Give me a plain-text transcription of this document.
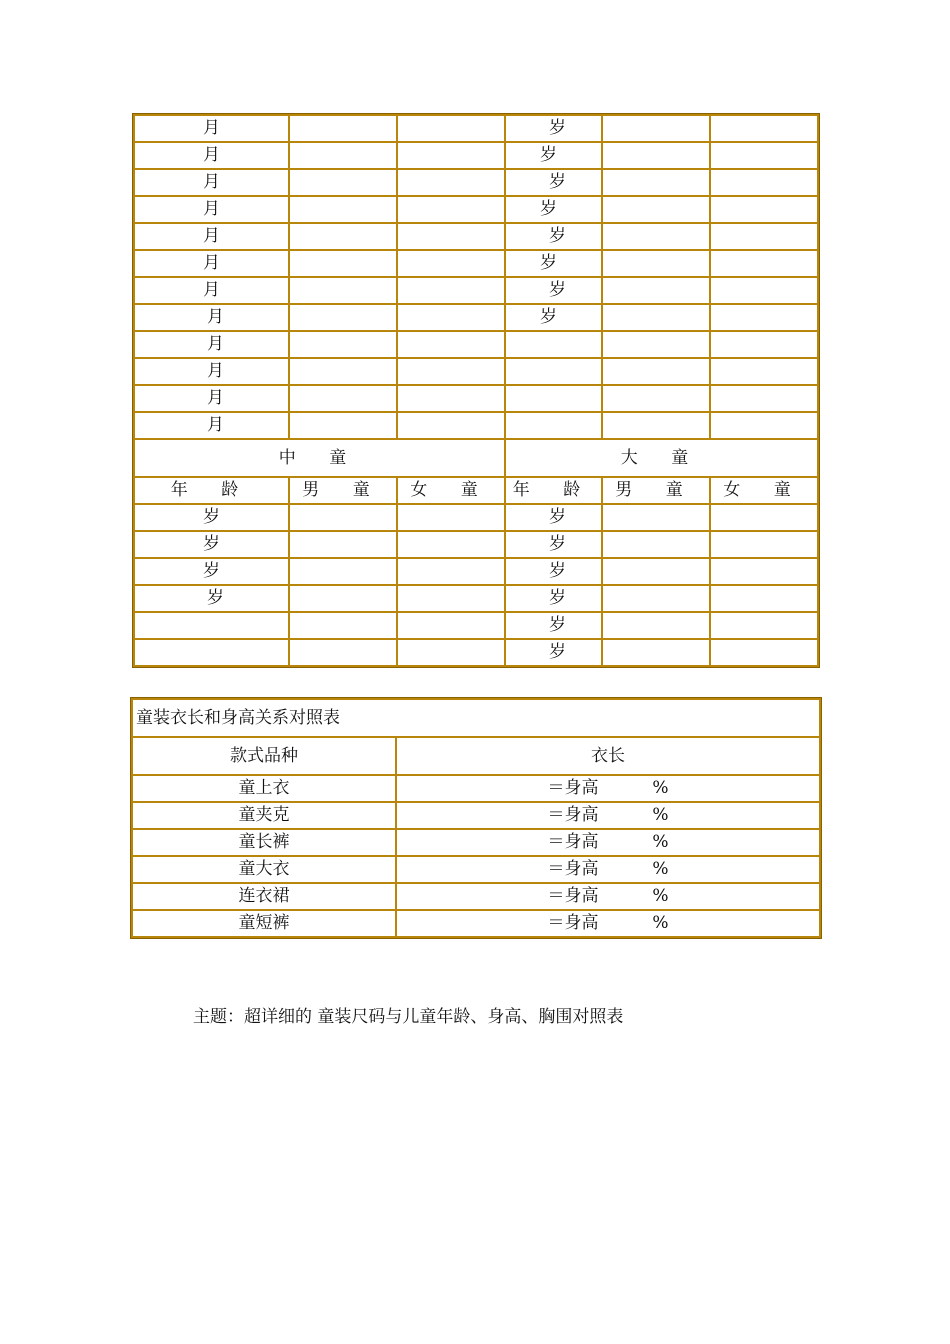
月			岁		
月			岁		
月			岁		
月			岁		
月			岁		
月			岁		
月			岁		
月			岁		
月					
月					
月					
月					
中 童			大 童		
年 龄	男 童	女 童	年 龄	男 童	女 童
岁			岁		
岁			岁		
岁			岁		
岁			岁		
			岁		
			岁		
童装衣长和身高关系对照表	
款式品种	衣长
童上衣	＝身高 %
童夹克	＝身高 %
童长裤	＝身高 %
童大衣	＝身高 %
连衣裙	＝身高 %
童短裤	＝身高 %
主题：超详细的 童装尺码与儿童年龄、身高、胸围对照表
